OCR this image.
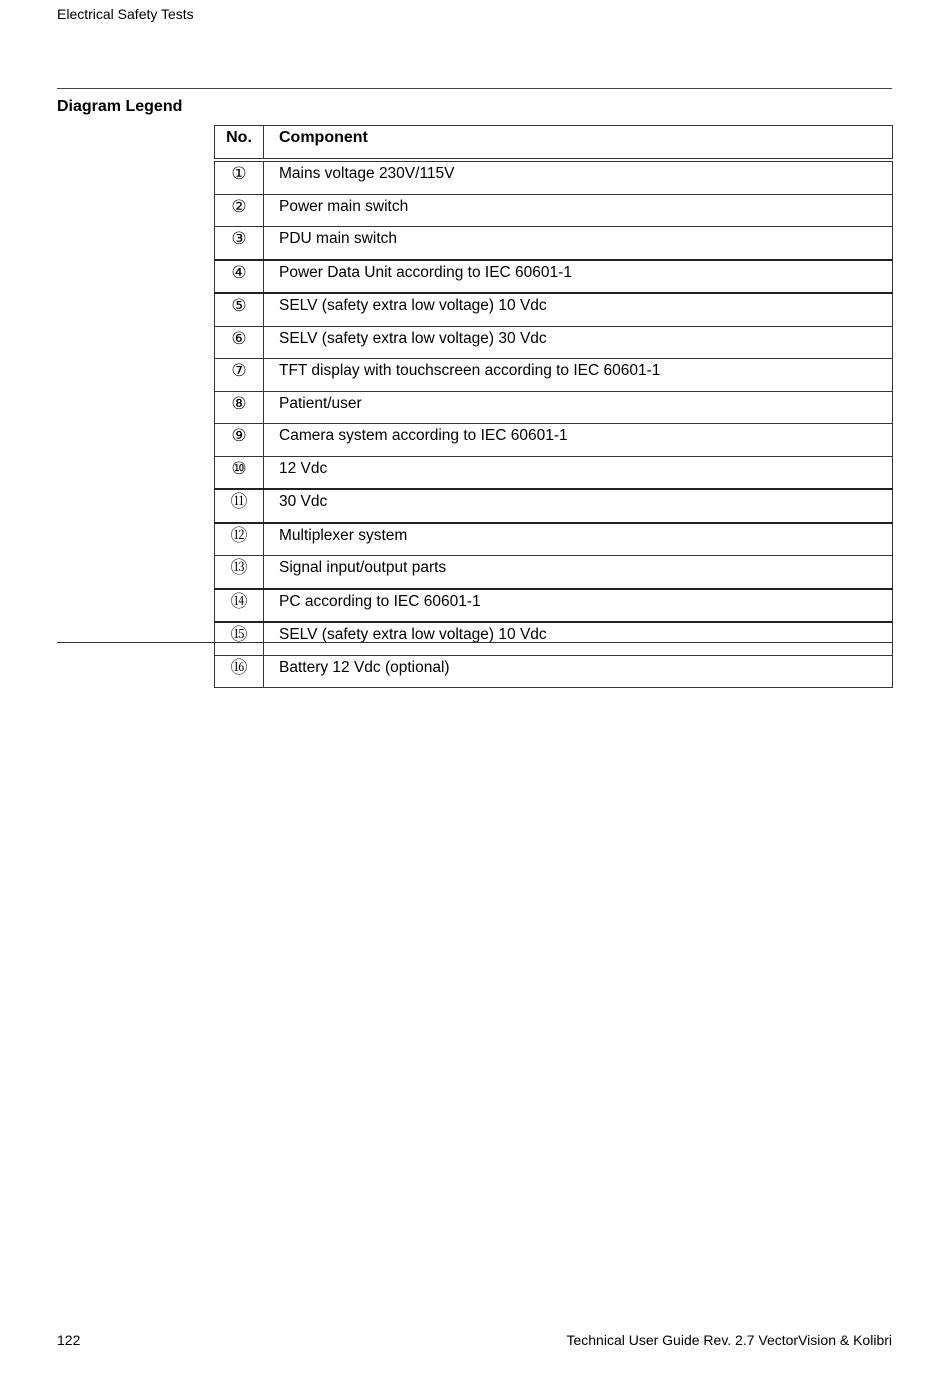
Electrical Safety Tests

Diagram Legend
No.	Component
①	Mains voltage 230V/115V
②	Power main switch
③	PDU main switch
④	Power Data Unit according to IEC 60601-1
⑤	SELV (safety extra low voltage) 10 Vdc
⑥	SELV (safety extra low voltage) 30 Vdc
⑦	TFT display with touchscreen according to IEC 60601-1
⑧	Patient/user
⑨	Camera system according to IEC 60601-1
⑩	12 Vdc
⑪	30 Vdc
⑫	Multiplexer system
⑬	Signal input/output parts
⑭	PC according to IEC 60601-1
⑮	SELV (safety extra low voltage) 10 Vdc
⑯	Battery 12 Vdc (optional)

122	Technical User Guide Rev. 2.7 VectorVision & Kolibri
